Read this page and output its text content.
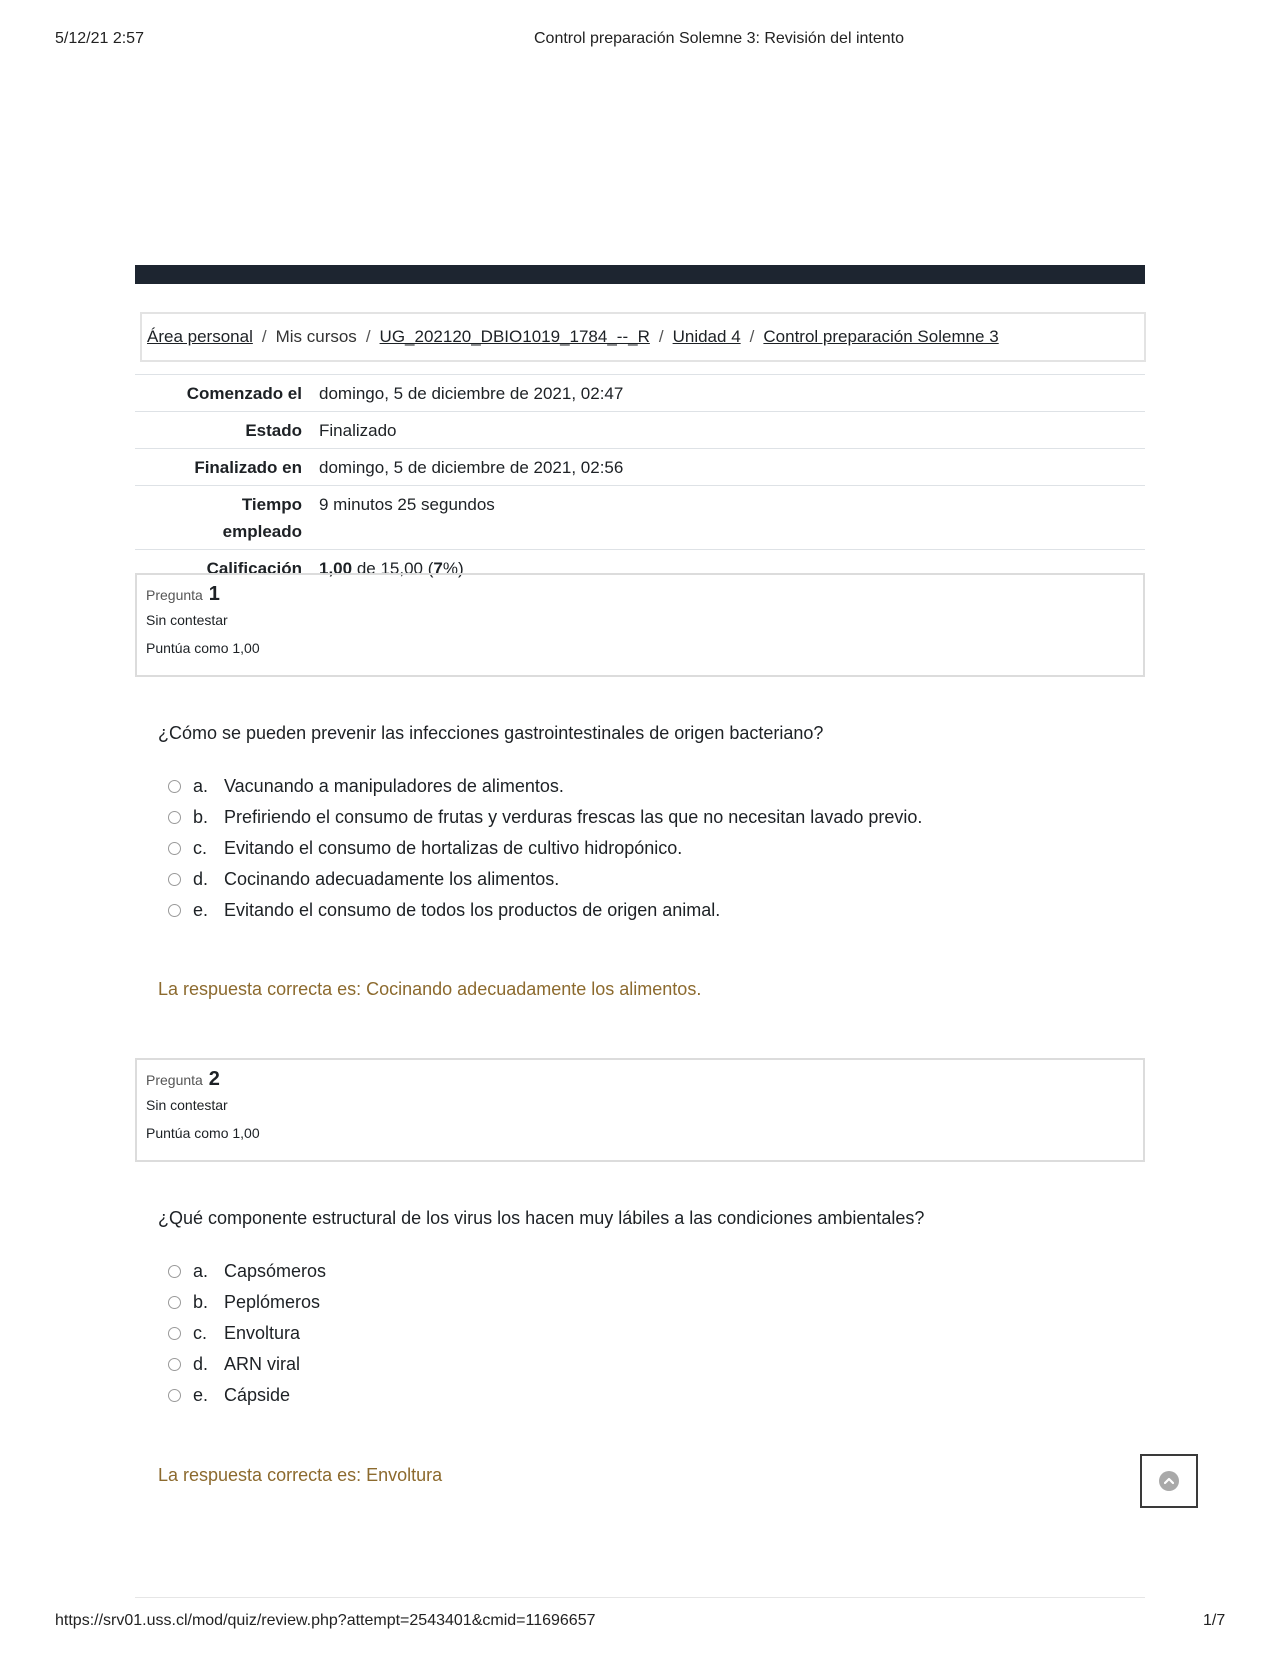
5/12/21 2:57	Control preparación Solemne 3: Revisión del intento
Área personal / Mis cursos / UG_202120_DBIO1019_1784_--_R / Unidad 4 / Control preparación Solemne 3
Comenzado el	domingo, 5 de diciembre de 2021, 02:47
Estado	Finalizado
Finalizado en	domingo, 5 de diciembre de 2021, 02:56
Tiempo
empleado	9 minutos 25 segundos
Calificación	1,00 de 15,00 (7%)
Pregunta 1
Sin contestar
Puntúa como 1,00
¿Cómo se pueden prevenir las infecciones gastrointestinales de origen bacteriano?
a. Vacunando a manipuladores de alimentos.
b. Prefiriendo el consumo de frutas y verduras frescas las que no necesitan lavado previo.
c. Evitando el consumo de hortalizas de cultivo hidropónico.
d. Cocinando adecuadamente los alimentos.
e. Evitando el consumo de todos los productos de origen animal.
La respuesta correcta es: Cocinando adecuadamente los alimentos.
Pregunta 2
Sin contestar
Puntúa como 1,00
¿Qué componente estructural de los virus los hacen muy lábiles a las condiciones ambientales?
a. Capsómeros
b. Peplómeros
c. Envoltura
d. ARN viral
e. Cápside
La respuesta correcta es: Envoltura
https://srv01.uss.cl/mod/quiz/review.php?attempt=2543401&cmid=11696657	1/7
